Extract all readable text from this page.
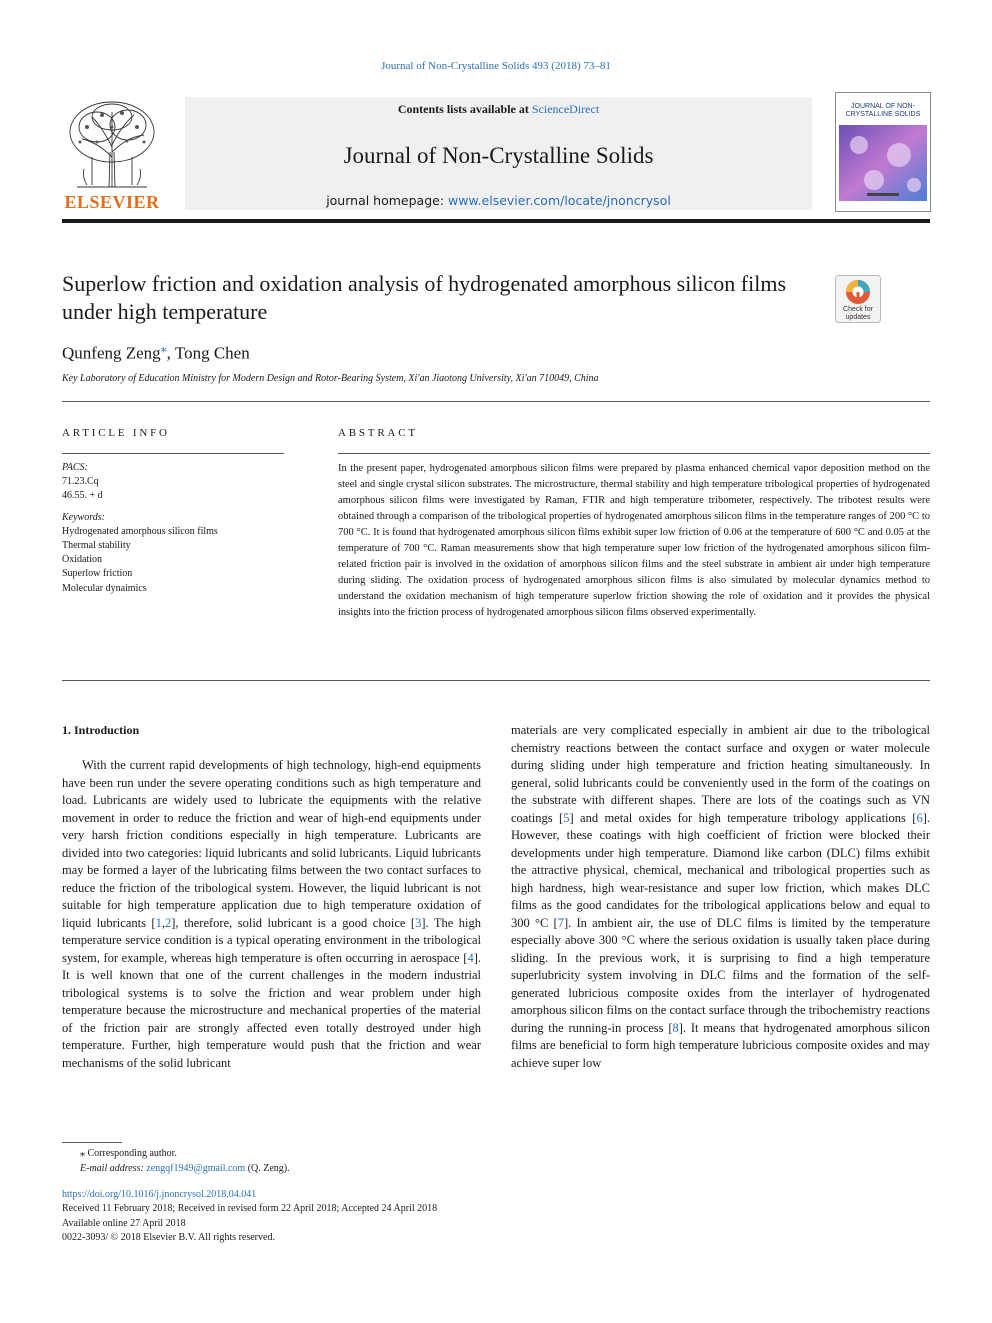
Journal of Non-Crystalline Solids 493 (2018) 73–81
ELSEVIER
Contents lists available at ScienceDirect
Journal of Non-Crystalline Solids
journal homepage: www.elsevier.com/locate/jnoncrysol
JOURNAL OF NON-CRYSTALLINE SOLIDS
Superlow friction and oxidation analysis of hydrogenated amorphous silicon films under high temperature	Check for updates
Qunfeng Zeng⁎, Tong Chen
Key Laboratory of Education Ministry for Modern Design and Rotor-Bearing System, Xi'an Jiaotong University, Xi'an 710049, China
ARTICLE INFO	ABSTRACT
PACS:
71.23.Cq
46.55. + d
Keywords:
Hydrogenated amorphous silicon films
Thermal stability
Oxidation
Superlow friction
Molecular dynaimics
In the present paper, hydrogenated amorphous silicon films were prepared by plasma enhanced chemical vapor deposition method on the steel and single crystal silicon substrates. The microstructure, thermal stability and high temperature tribological properties of hydrogenated amorphous silicon films were investigated by Raman, FTIR and high temperature tribometer, respectively. The tribotest results were obtained through a comparison of the tribological properties of hydrogenated amorphous silicon films in the temperature ranges of 200 °C to 700 °C. It is found that hydrogenated amorphous silicon films exhibit super low friction of 0.06 at the temperature of 600 °C and 0.05 at the temperature of 700 °C. Raman measurements show that high temperature super low friction of the hydrogenated amorphous silicon film-related friction pair is involved in the oxidation of amorphous silicon films and the steel substrate in ambient air under high temperature during sliding. The oxidation process of hydrogenated amorphous silicon films is also simulated by molecular dynamics method to understand the oxidation mechanism of high temperature superlow friction showing the role of oxidation and it provides the physical insights into the friction process of hydrogenated amorphous silicon films observed experimentally.
1. Introduction
With the current rapid developments of high technology, high-end equipments have been run under the severe operating conditions such as high temperature and load. Lubricants are widely used to lubricate the equipments with the relative movement in order to reduce the friction and wear of high-end equipments under very harsh friction conditions especially in high temperature. Lubricants are divided into two categories: liquid lubricants and solid lubricants. Liquid lubricants may be formed a layer of the lubricating films between the two contact surfaces to reduce the friction of the tribological system. However, the liquid lubricant is not suitable for high temperature application due to high temperature oxidation of liquid lubricants [1,2], therefore, solid lubricant is a good choice [3]. The high temperature service condition is a typical operating environment in the tribological system, for example, whereas high temperature is often occurring in aerospace [4]. It is well known that one of the current challenges in the modern industrial tribological systems is to solve the friction and wear problem under high temperature because the microstructure and mechanical properties of the material of the friction pair are strongly affected even totally destroyed under high temperature. Further, high temperature would push that the friction and wear mechanisms of the solid lubricant
materials are very complicated especially in ambient air due to the tribological chemistry reactions between the contact surface and oxygen or water molecule during sliding under high temperature and friction heating simultaneously. In general, solid lubricants could be conveniently used in the form of the coatings on the substrate with different shapes. There are lots of the coatings such as VN coatings [5] and metal oxides for high temperature tribology applications [6]. However, these coatings with high coefficient of friction were blocked their developments under high temperature. Diamond like carbon (DLC) films exhibit the attractive physical, chemical, mechanical and tribological properties such as high hardness, high wear-resistance and super low friction, which makes DLC films as the good candidates for the tribological applications below and equal to 300 °C [7]. In ambient air, the use of DLC films is limited by the temperature especially above 300 °C where the serious oxidation is usually taken place during sliding. In the previous work, it is surprising to find a high temperature superlubricity system involving in DLC films and the formation of the self-generated lubricious composite oxides from the interlayer of hydrogenated amorphous silicon films on the contact surface through the tribochemistry reactions during the running-in process [8]. It means that hydrogenated amorphous silicon films are beneficial to form high temperature lubricious composite oxides and may achieve super low
⁎ Corresponding author.
E-mail address: zengqf1949@gmail.com (Q. Zeng).
https://doi.org/10.1016/j.jnoncrysol.2018.04.041
Received 11 February 2018; Received in revised form 22 April 2018; Accepted 24 April 2018
Available online 27 April 2018
0022-3093/ © 2018 Elsevier B.V. All rights reserved.
